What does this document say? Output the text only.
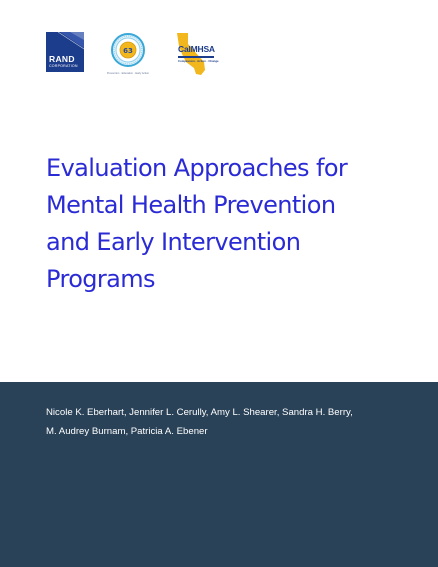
RAND
CORPORATION
63
Prevention · Education · Early Action
CalMHSA
Compassion · Action · Change
Evaluation Approaches for
Mental Health Prevention
and Early Intervention
Programs

Nicole K. Eberhart, Jennifer L. Cerully, Amy L. Shearer, Sandra H. Berry,
M. Audrey Burnam, Patricia A. Ebener
